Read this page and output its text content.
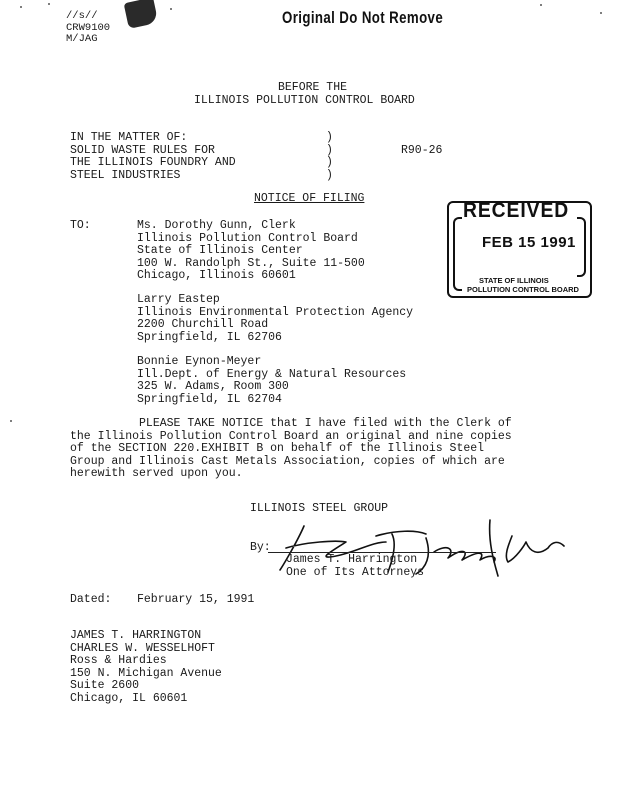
//s//
CRW9100
M/JAG
Original Do Not Remove
BEFORE THE
ILLINOIS POLLUTION CONTROL BOARD
IN THE MATTER OF:
SOLID WASTE RULES FOR
THE ILLINOIS FOUNDRY AND
STEEL INDUSTRIES
)
)
)
)
R90-26
NOTICE OF FILING
TO:	Ms. Dorothy Gunn, Clerk
Illinois Pollution Control Board
State of Illinois Center
100 W. Randolph St., Suite 11-500
Chicago, Illinois 60601
Larry Eastep
Illinois Environmental Protection Agency
2200 Churchill Road
Springfield, IL 62706
Bonnie Eynon-Meyer
Ill.Dept. of Energy & Natural Resources
325 W. Adams, Room 300
Springfield, IL 62704
RECEIVED
FEB 15 1991
STATE OF ILLINOIS
POLLUTION CONTROL BOARD
PLEASE TAKE NOTICE that I have filed with the Clerk of
the Illinois Pollution Control Board an original and nine copies
of the SECTION 220.EXHIBIT B on behalf of the Illinois Steel
Group and Illinois Cast Metals Association, copies of which are
herewith served upon you.
ILLINOIS STEEL GROUP
By:
James T. Harrington
One of Its Attorneys
Dated: February 15, 1991
JAMES T. HARRINGTON
CHARLES W. WESSELHOFT
Ross & Hardies
150 N. Michigan Avenue
Suite 2600
Chicago, IL 60601
